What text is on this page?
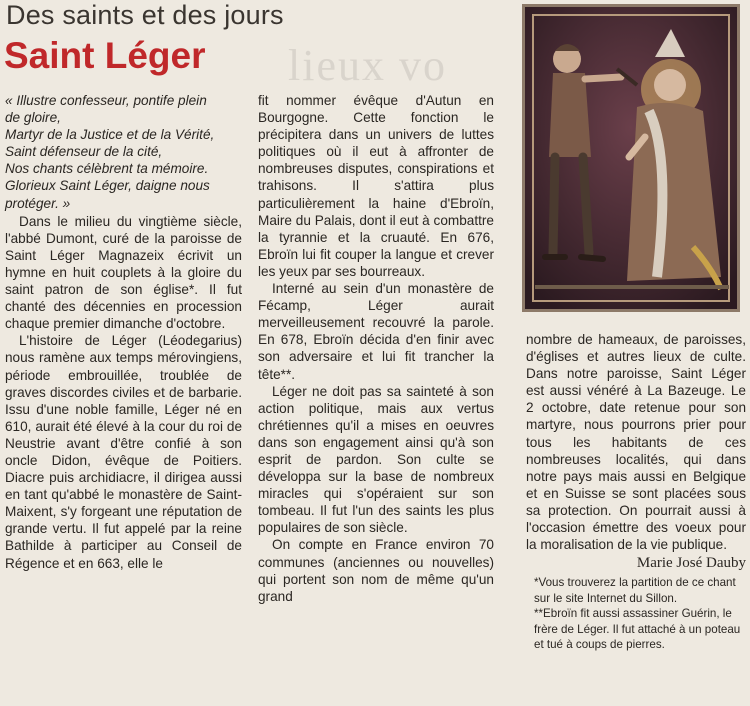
Des saints et des jours
Saint Léger lieux vo
« Illustre confesseur, pontife plein
de gloire,
Martyr de la Justice et de la Vérité,
Saint défenseur de la cité,
Nos chants célèbrent ta mémoire.
Glorieux Saint Léger, daigne nous
protéger. »

Dans le milieu du vingtième siècle, l'abbé Dumont, curé de la paroisse de Saint Léger Magnazeix écrivit un hymne en huit couplets à la gloire du saint patron de son église*. Il fut chanté des décennies en procession chaque premier dimanche d'octobre.

L'histoire de Léger (Léodegarius) nous ramène aux temps mérovingiens, période embrouillée, troublée de graves discordes civiles et de barbarie. Issu d'une noble famille, Léger né en 610, aurait été élevé à la cour du roi de Neustrie avant d'être confié à son oncle Didon, évêque de Poitiers. Diacre puis archidiacre, il dirigea aussi en tant qu'abbé le monastère de Saint-Maixent, s'y forgeant une réputation de grande vertu. Il fut appelé par la reine Bathilde à participer au Conseil de Régence et en 663, elle le

fit nommer évêque d'Autun en Bourgogne. Cette fonction le précipitera dans un univers de luttes politiques où il eut à affronter de nombreuses disputes, conspirations et trahisons. Il s'attira plus particulièrement la haine d'Ebroïn, Maire du Palais, dont il eut à combattre la tyrannie et la cruauté. En 676, Ebroïn lui fit couper la langue et crever les yeux par ses bourreaux.

Interné au sein d'un monastère de Fécamp, Léger aurait merveilleusement recouvré la parole. En 678, Ebroïn décida d'en finir avec son adversaire et lui fit trancher la tête**.

Léger ne doit pas sa sainteté à son action politique, mais aux vertus chrétiennes qu'il a mises en oeuvres dans son engagement ainsi qu'à son esprit de pardon. Son culte se développa sur la base de nombreux miracles qui s'opéraient sur son tombeau. Il fut l'un des saints les plus populaires de son siècle.

On compte en France environ 70 communes (anciennes ou nouvelles) qui portent son nom de même qu'un grand

nombre de hameaux, de paroisses, d'églises et autres lieux de culte. Dans notre paroisse, Saint Léger est aussi vénéré à La Bazeuge. Le 2 octobre, date retenue pour son martyre, nous pourrons prier pour tous les habitants de ces nombreuses localités, qui dans notre pays mais aussi en Belgique et en Suisse se sont placées sous sa protection. On pourrait aussi à l'occasion émettre des voeux pour la moralisation de la vie publique.

Marie José Dauby

*Vous trouverez la partition de ce chant sur le site Internet du Sillon.

**Ebroïn fit aussi assassiner Guérin, le frère de Léger. Il fut attaché à un poteau et tué à coups de pierres.
